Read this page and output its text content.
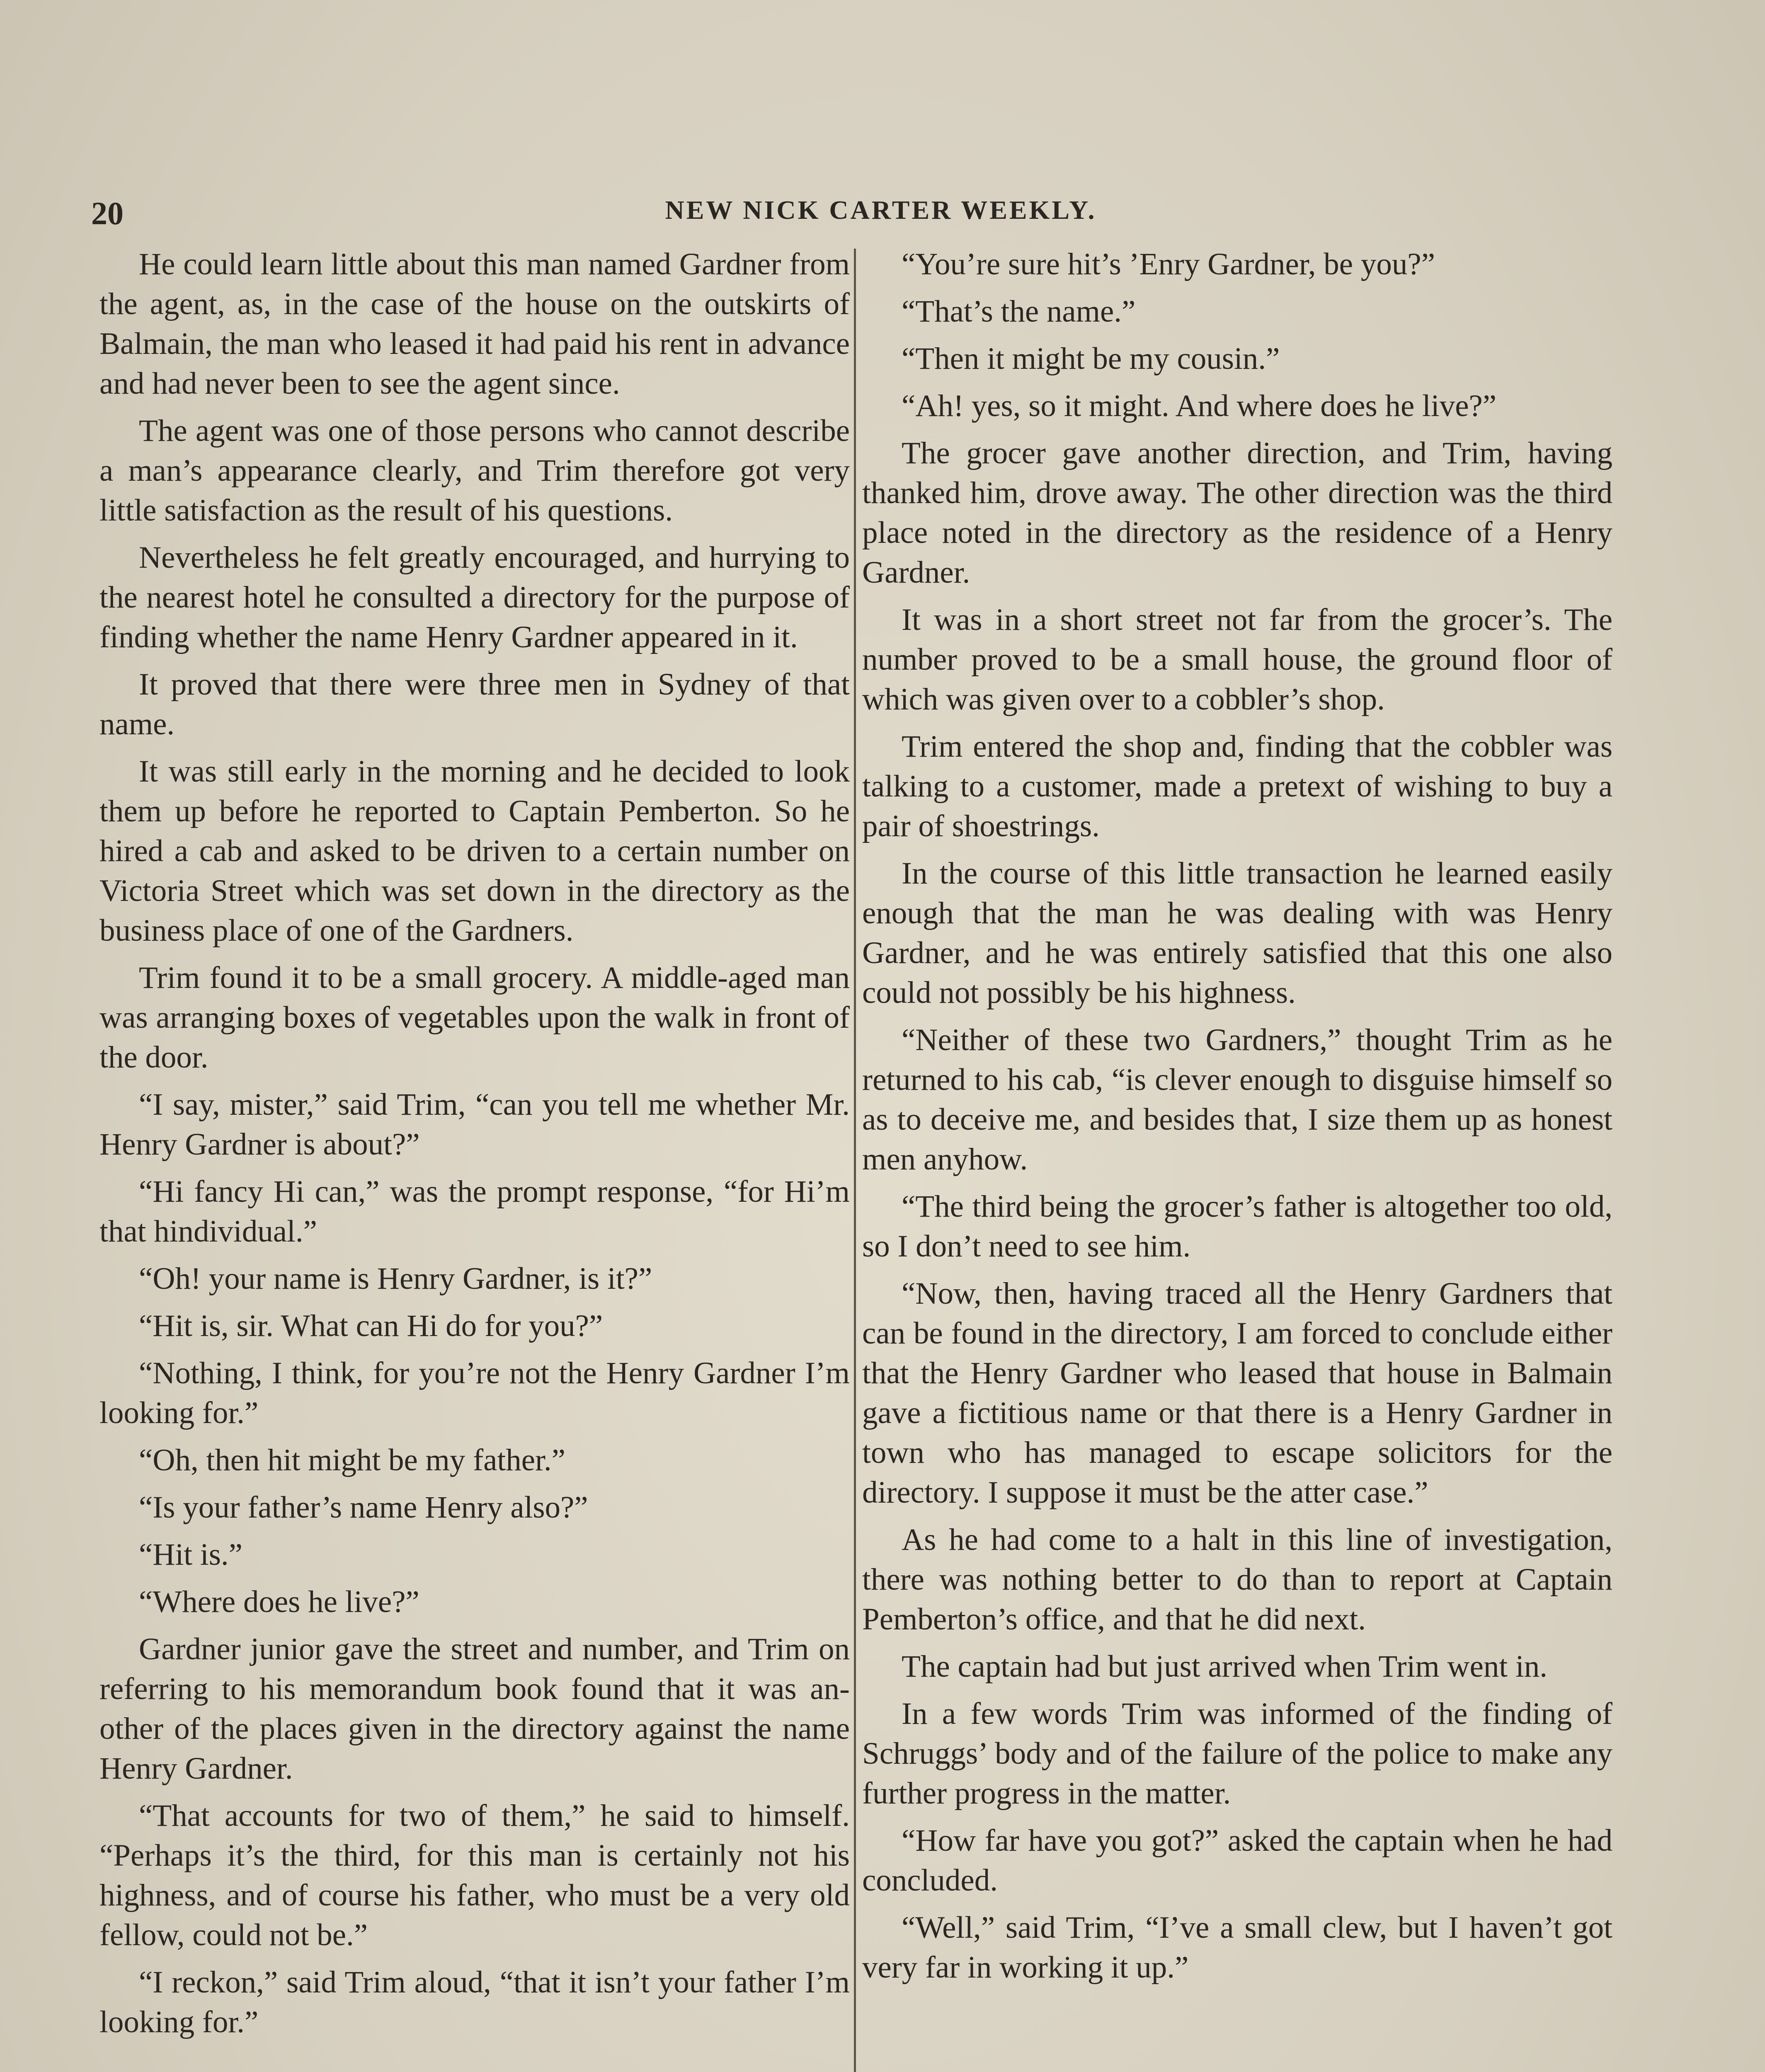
20	NEW NICK CARTER WEEKLY.

He could learn little about this man named Gardner from the agent, as, in the case of the house on the outskirts of Balmain, the man who leased it had paid his rent in advance and had never been to see the agent since.

The agent was one of those persons who cannot describe a man’s appearance clearly, and Trim therefore got very little satisfaction as the result of his questions.

Nevertheless he felt greatly encouraged, and hurrying to the nearest hotel he consulted a directory for the purpose of finding whether the name Henry Gardner appeared in it.

It proved that there were three men in Sydney of that name.

It was still early in the morning and he decided to look them up before he reported to Captain Pemberton. So he hired a cab and asked to be driven to a certain number on Victoria Street which was set down in the directory as the business place of one of the Gardners.

Trim found it to be a small grocery. A middle-aged man was arranging boxes of vegetables upon the walk in front of the door.

“I say, mister,” said Trim, “can you tell me whether Mr. Henry Gardner is about?”

“Hi fancy Hi can,” was the prompt response, “for Hi’m that hindividual.”

“Oh! your name is Henry Gardner, is it?”

“Hit is, sir. What can Hi do for you?”

“Nothing, I think, for you’re not the Henry Gardner I’m looking for.”

“Oh, then hit might be my father.”

“Is your father’s name Henry also?”

“Hit is.”

“Where does he live?”

Gardner junior gave the street and number, and Trim on referring to his memorandum book found that it was another of the places given in the directory against the name Henry Gardner.

“That accounts for two of them,” he said to himself. “Perhaps it’s the third, for this man is certainly not his highness, and of course his father, who must be a very old fellow, could not be.”

“I reckon,” said Trim aloud, “that it isn’t your father I’m looking for.”

“You’re sure hit’s ’Enry Gardner, be you?”

“That’s the name.”

“Then it might be my cousin.”

“Ah! yes, so it might. And where does he live?”

The grocer gave another direction, and Trim, having thanked him, drove away. The other direction was the third place noted in the directory as the residence of a Henry Gardner.

It was in a short street not far from the grocer’s. The number proved to be a small house, the ground floor of which was given over to a cobbler’s shop.

Trim entered the shop and, finding that the cobbler was talking to a customer, made a pretext of wishing to buy a pair of shoestrings.

In the course of this little transaction he learned easily enough that the man he was dealing with was Henry Gardner, and he was entirely satisfied that this one also could not possibly be his highness.

“Neither of these two Gardners,” thought Trim as he returned to his cab, “is clever enough to disguise himself so as to deceive me, and besides that, I size them up as honest men anyhow.

“The third being the grocer’s father is altogether too old, so I don’t need to see him.

“Now, then, having traced all the Henry Gardners that can be found in the directory, I am forced to conclude either that the Henry Gardner who leased that house in Balmain gave a fictitious name or that there is a Henry Gardner in town who has managed to escape solicitors for the directory. I suppose it must be the atter case.”

As he had come to a halt in this line of investigation, there was nothing better to do than to report at Captain Pemberton’s office, and that he did next.

The captain had but just arrived when Trim went in.

In a few words Trim was informed of the finding of Schruggs’ body and of the failure of the police to make any further progress in the matter.

“How far have you got?” asked the captain when he had concluded.

“Well,” said Trim, “I’ve a small clew, but I haven’t got very far in working it up.”
